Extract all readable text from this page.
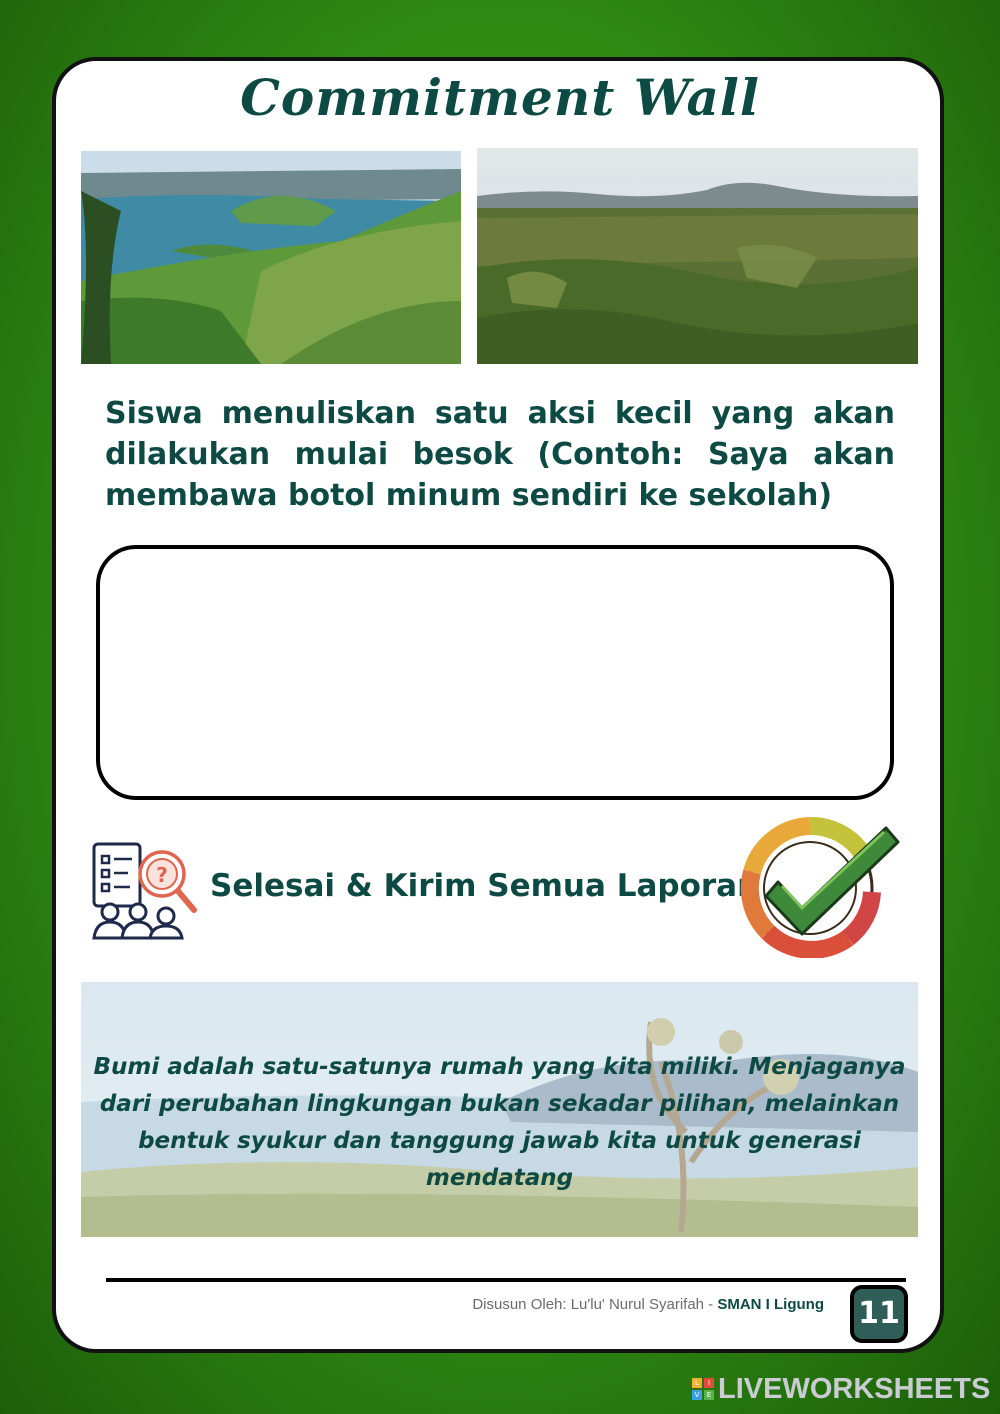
Commitment Wall
Siswa menuliskan satu aksi kecil yang akan dilakukan mulai besok (Contoh: Saya akan membawa botol minum sendiri ke sekolah)
? Selesai & Kirim Semua Laporan
Bumi adalah satu-satunya rumah yang kita miliki. Menjaganya dari perubahan lingkungan bukan sekadar pilihan, melainkan bentuk syukur dan tanggung jawab kita untuk generasi mendatang
Disusun Oleh: Lu'lu' Nurul Syarifah - SMAN I Ligung 11
L	I
V	E LIVEWORKSHEETS
